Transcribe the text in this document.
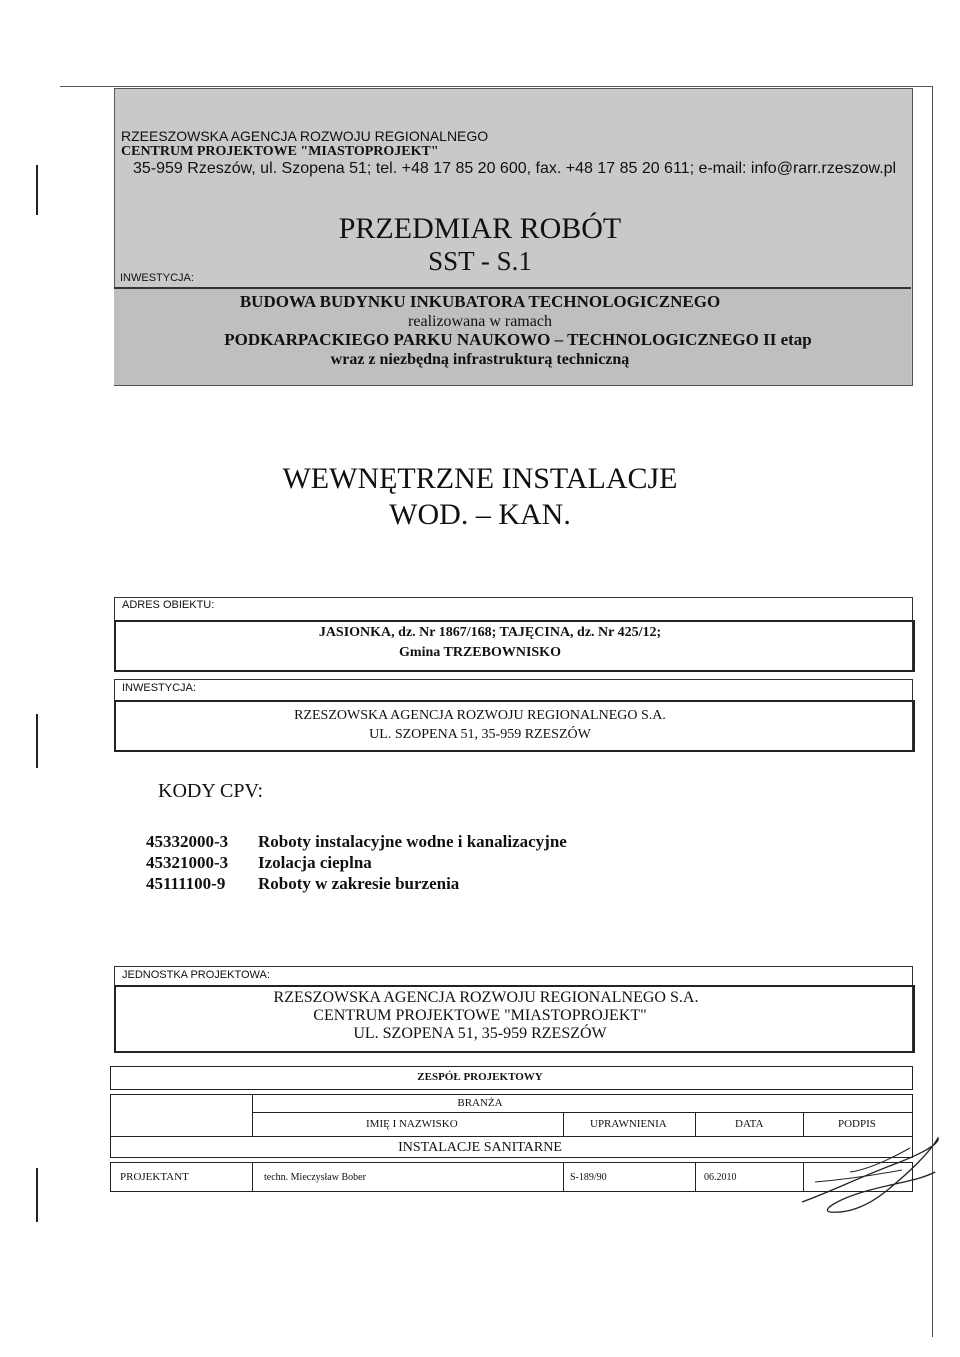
RZEESZOWSKA AGENCJA ROZWOJU REGIONALNEGO
CENTRUM PROJEKTOWE "MIASTOPROJEKT"
35-959 Rzeszów, ul. Szopena 51; tel. +48 17 85 20 600, fax. +48 17 85 20 611; e-mail: info@rarr.rzeszow.pl
PRZEDMIAR ROBÓT
SST - S.1
INWESTYCJA:
BUDOWA BUDYNKU INKUBATORA TECHNOLOGICZNEGO
realizowana w ramach
PODKARPACKIEGO PARKU NAUKOWO – TECHNOLOGICZNEGO II etap
wraz z niezbędną infrastrukturą techniczną
WEWNĘTRZNE INSTALACJE
WOD. – KAN.
ADRES OBIEKTU:
JASIONKA, dz. Nr 1867/168; TAJĘCINA, dz. Nr 425/12;
Gmina TRZEBOWNISKO
INWESTYCJA:
RZESZOWSKA AGENCJA ROZWOJU REGIONALNEGO S.A.
UL. SZOPENA 51, 35-959 RZESZÓW
KODY CPV:
45332000-3 Roboty instalacyjne wodne i kanalizacyjne
45321000-3 Izolacja cieplna
45111100-9 Roboty w zakresie burzenia
JEDNOSTKA PROJEKTOWA:
RZESZOWSKA AGENCJA ROZWOJU REGIONALNEGO S.A.
CENTRUM PROJEKTOWE "MIASTOPROJEKT"
UL. SZOPENA 51, 35-959 RZESZÓW
ZESPÓŁ PROJEKTOWY
BRANŻA
IMIĘ I NAZWISKO	UPRAWNIENIA	DATA	PODPIS
INSTALACJE SANITARNE
PROJEKTANT	techn. Mieczysław Bober	S-189/90	06.2010
